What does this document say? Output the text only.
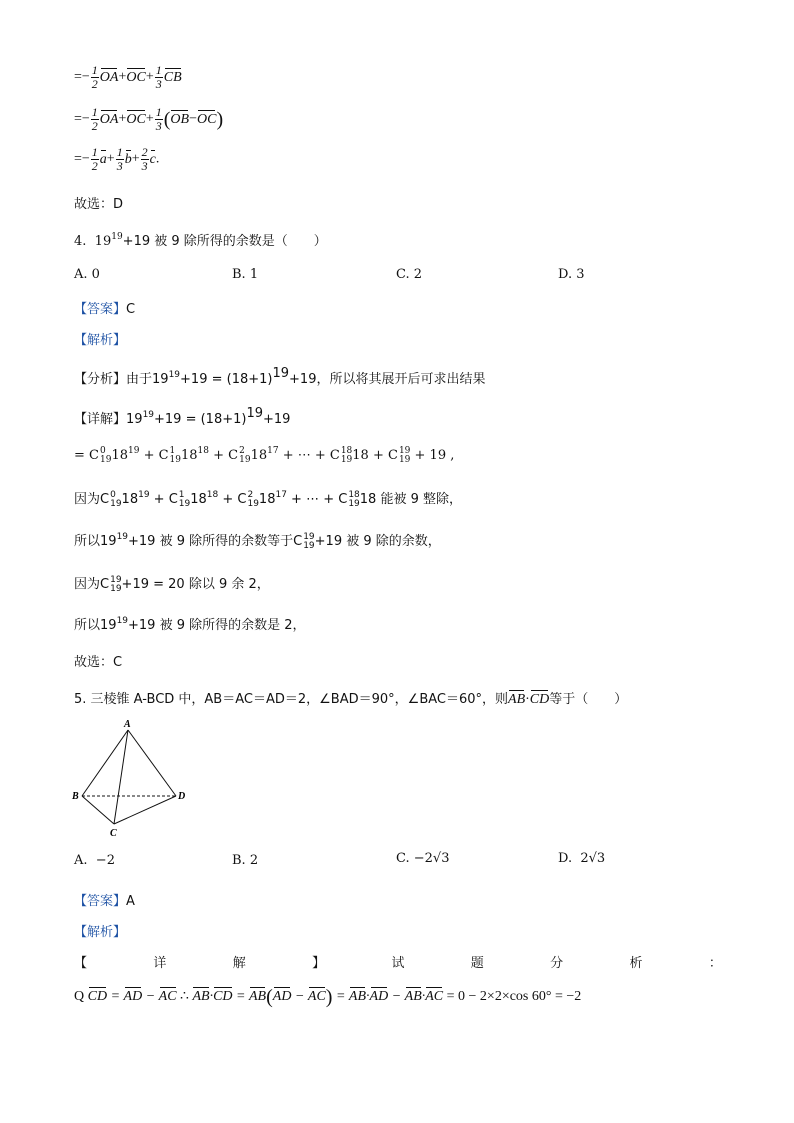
=− $\frac{1}{2} OA+OC+ \frac{1}{3}$ CB
=− $\frac{1}{2} OA+OC+ \frac{1}{3} (OB-OC)$
=− $\frac{1}{2} a+ \frac{1}{3} b+ \frac{2}{3} c$.
故选：D
4. $19^{19}+19$ 被 9 除所得的余数是（　　）
A. 0	B. 1	C. 2	D. 3
【答案】C
【解析】
【分析】由于$19^{19}+19 = (18+1)^{19}+19$，所以将其展开后可求出结果
【详解】$19^{19}+19 = (18+1)^{19}+19$
= C 0
19 $18^{19} + C$ 1
19 $18^{18} + C$ 2
19 $18^{17}$ + ⋯ + C 18
19 18 + C 19
19 + 19 ,
因为C 0
19 $18^{19} + C$ 1
19 $18^{18} + C$ 2
19 $18^{17}$ + ⋯ + C 18
19 18 能被 9 整除，
所以$19^{19}+19$ 被 9 除所得的余数等于C 19
19 +19 被 9 除的余数，
因为C 19
19 +19 = 20 除以 9 余 2，
所以$19^{19}+19$ 被 9 除所得的余数是 2，
故选：C
5. 三棱锥 A-BCD 中，AB＝AC＝AD＝2，∠BAD＝90°，∠BAC＝60°，则AB·CD等于（　　）
A
B
C
D
A. −2	B. 2	C. −2√3	D. 2√3
【答案】A
【解析】
【	详	解	】	试	题	分	析	：
Q CD = AD − AC ∴ AB·CD = AB(AD − AC) = AB·AD − AB·AC = 0 − 2×2×cos 60° = −2
